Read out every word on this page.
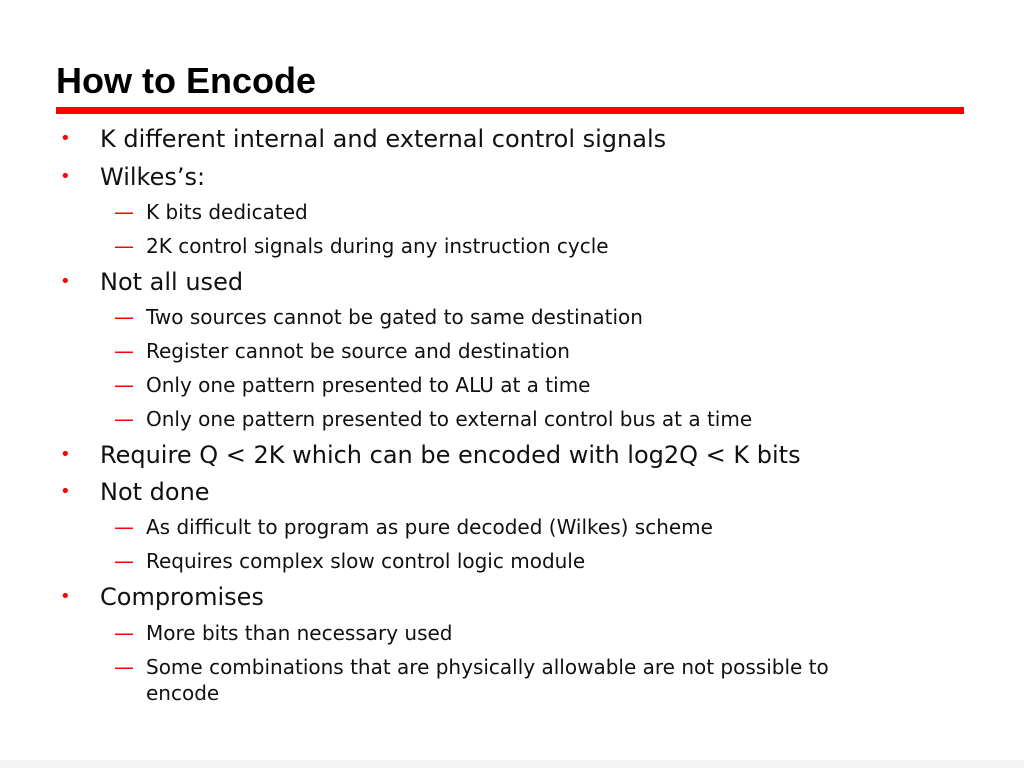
How to Encode
•	K different internal and external control signals
•	Wilkes’s:
— K bits dedicated
— 2K control signals during any instruction cycle
•	Not all used
— Two sources cannot be gated to same destination
— Register cannot be source and destination
— Only one pattern presented to ALU at a time
— Only one pattern presented to external control bus at a time
•	Require Q < 2K which can be encoded with log2Q < K bits
•	Not done
— As difficult to program as pure decoded (Wilkes) scheme
— Requires complex slow control logic module
•	Compromises
— More bits than necessary used
— Some combinations that are physically allowable are not possible to encode
